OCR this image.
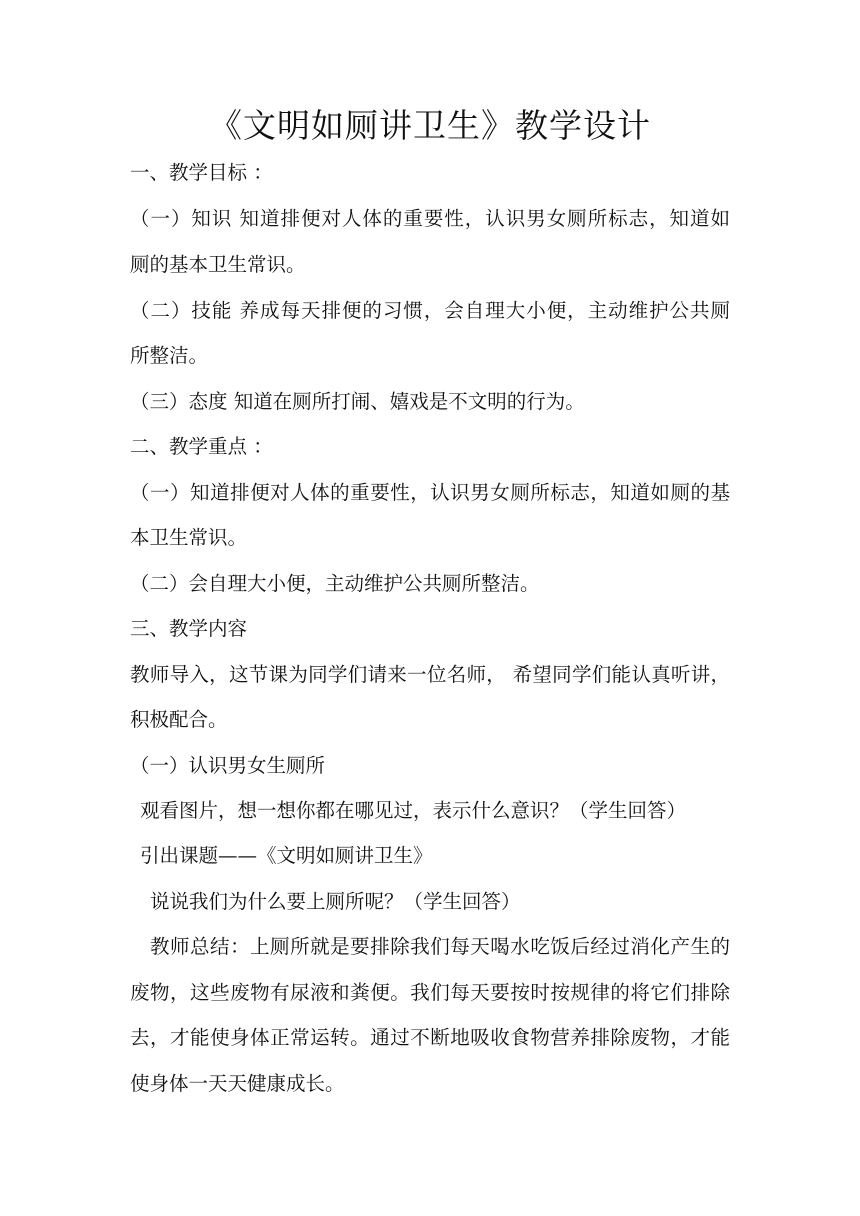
《文明如厕讲卫生》教学设计
一、教学目标 ：
（一）知识 知道排便对人体的重要性，认识男女厕所标志，知道如
厕的基本卫生常识。
（二）技能 养成每天排便的习惯，会自理大小便，主动维护公共厕
所整洁。
（三）态度 知道在厕所打闹、嬉戏是不文明的行为。
二、教学重点 ：
（一）知道排便对人体的重要性，认识男女厕所标志，知道如厕的基
本卫生常识。
（二）会自理大小便，主动维护公共厕所整洁。
三、教学内容
教师导入，这节课为同学们请来一位名师， 希望同学们能认真听讲，
积极配合。
（一）认识男女生厕所
观看图片，想一想你都在哪见过，表示什么意识？（学生回答）
引出课题——《文明如厕讲卫生》
说说我们为什么要上厕所呢？（学生回答）
教师总结：上厕所就是要排除我们每天喝水吃饭后经过消化产生的
废物，这些废物有尿液和粪便。我们每天要按时按规律的将它们排除
去，才能使身体正常运转。通过不断地吸收食物营养排除废物，才能
使身体一天天健康成长。
